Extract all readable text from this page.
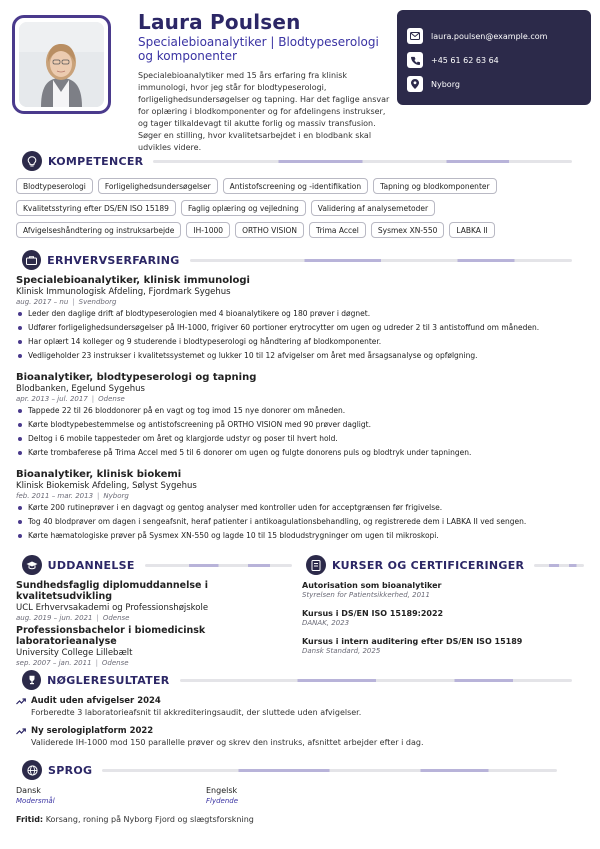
Laura Poulsen
Specialebioanalytiker | Blodtypeserologi og komponenter
Specialebioanalytiker med 15 års erfaring fra klinisk immunologi, hvor jeg står for blodtypeserologi, forligelighedsundersøgelser og tapning. Har det faglige ansvar for oplæring i blodkomponenter og for afdelingens instrukser, og tager tilkaldevagt til akutte forlig og massiv transfusion. Søger en stilling, hvor kvalitetsarbejdet i en blodbank skal udvikles videre.
laura.poulsen@example.com
+45 61 62 63 64
Nyborg
KOMPETENCER
Blodtypeserologi	Forligelighedsundersøgelser	Antistofscreening og -identifikation	Tapning og blodkomponenter
Kvalitetsstyring efter DS/EN ISO 15189	Faglig oplæring og vejledning	Validering af analysemetoder
Afvigelseshåndtering og instruksarbejde	IH-1000	ORTHO VISION	Trima Accel	Sysmex XN-550	LABKA II
ERHVERVSERFARING
Specialebioanalytiker, klinisk immunologi
Klinisk Immunologisk Afdeling, Fjordmark Sygehus
aug. 2017 – nu | Svendborg
Leder den daglige drift af blodtypeserologien med 4 bioanalytikere og 180 prøver i døgnet.
Udfører forligelighedsundersøgelser på IH-1000, frigiver 60 portioner erytrocytter om ugen og udreder 2 til 3 antistoffund om måneden.
Har oplært 14 kolleger og 9 studerende i blodtypeserologi og håndtering af blodkomponenter.
Vedligeholder 23 instrukser i kvalitetssystemet og lukker 10 til 12 afvigelser om året med årsagsanalyse og opfølgning.
Bioanalytiker, blodtypeserologi og tapning
Blodbanken, Egelund Sygehus
apr. 2013 – jul. 2017 | Odense
Tappede 22 til 26 bloddonorer på en vagt og tog imod 15 nye donorer om måneden.
Kørte blodtypebestemmelse og antistofscreening på ORTHO VISION med 90 prøver dagligt.
Deltog i 6 mobile tappesteder om året og klargjorde udstyr og poser til hvert hold.
Kørte trombaferese på Trima Accel med 5 til 6 donorer om ugen og fulgte donorens puls og blodtryk under tapningen.
Bioanalytiker, klinisk biokemi
Klinisk Biokemisk Afdeling, Sølyst Sygehus
feb. 2011 – mar. 2013 | Nyborg
Kørte 200 rutineprøver i en dagvagt og gentog analyser med kontroller uden for acceptgrænsen før frigivelse.
Tog 40 blodprøver om dagen i sengeafsnit, heraf patienter i antikoagulationsbehandling, og registrerede dem i LABKA II ved sengen.
Kørte hæmatologiske prøver på Sysmex XN-550 og lagde 10 til 15 blodudstrygninger om ugen til mikroskopi.
UDDANNELSE
Sundhedsfaglig diplomuddannelse i kvalitetsudvikling
UCL Erhvervsakademi og Professionshøjskole
aug. 2019 – jun. 2021 | Odense
Professionsbachelor i biomedicinsk laboratorieanalyse
University College Lillebælt
sep. 2007 – jan. 2011 | Odense
KURSER OG CERTIFICERINGER
Autorisation som bioanalytiker
Styrelsen for Patientsikkerhed, 2011
Kursus i DS/EN ISO 15189:2022
DANAK, 2023
Kursus i intern auditering efter DS/EN ISO 15189
Dansk Standard, 2025
NØGLERESULTATER
Audit uden afvigelser 2024
Forberedte 3 laboratorieafsnit til akkrediteringsaudit, der sluttede uden afvigelser.
Ny serologiplatform 2022
Validerede IH-1000 mod 150 parallelle prøver og skrev den instruks, afsnittet arbejder efter i dag.
SPROG
Dansk
Modersmål
Engelsk
Flydende
Fritid: Korsang, roning på Nyborg Fjord og slægtsforskning
